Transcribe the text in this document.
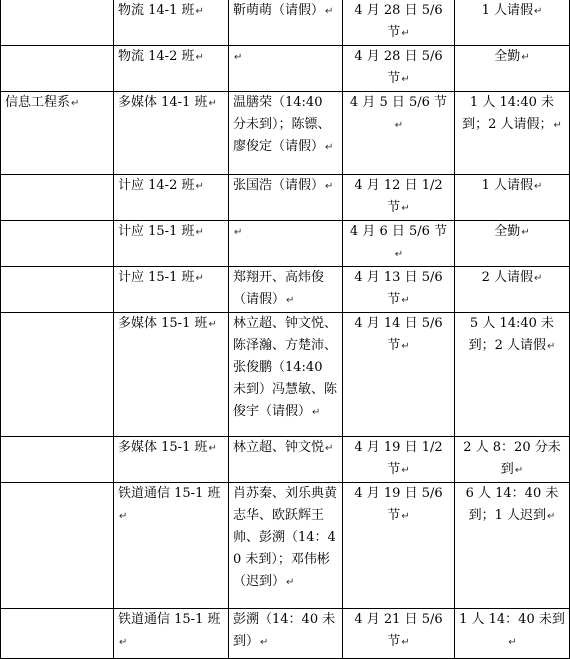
	物流 14-1 班↵	靳萌萌（请假）↵	4 月 28 日 5/6 节↵	1 人请假↵
	物流 14-2 班↵	↵	4 月 28 日 5/6 节↵	全勤↵
信息工程系↵	多媒体 14-1 班↵	温膳荣（14:40 分未到）；陈镖、廖俊定（请假）↵	4 月 5 日 5/6 节↵	1 人 14:40 未到；2 人请假；↵
	计应 14-2 班↵	张国浩（请假）↵	4 月 12 日 1/2 节↵	1 人请假↵
	计应 15-1 班↵	↵	4 月 6 日 5/6 节↵	全勤↵
	计应 15-1 班↵	郑翔开、高炜俊（请假）↵	4 月 13 日 5/6 节↵	2 人请假↵
	多媒体 15-1 班↵	林立超、钟文悦、陈泽瀚、方楚沛、张俊鹏（14:40 未到）冯慧敏、陈俊宇（请假）↵	4 月 14 日 5/6 节↵	5 人 14:40 未到；2 人请假↵
	多媒体 15-1 班↵	林立超、钟文悦↵	4 月 19 日 1/2 节↵	2 人 8：20 分未到↵
	铁道通信 15-1 班↵	肖苏秦、刘乐典黄志华、欧跃辉王帅、彭溯（14：40 未到）；邓伟彬（迟到）↵	4 月 19 日 5/6 节↵	6 人 14：40 未到；1 人迟到↵
	铁道通信 15-1 班↵	彭溯（14：40 未到）↵	4 月 21 日 5/6 节↵	1 人 14：40 未到↵
